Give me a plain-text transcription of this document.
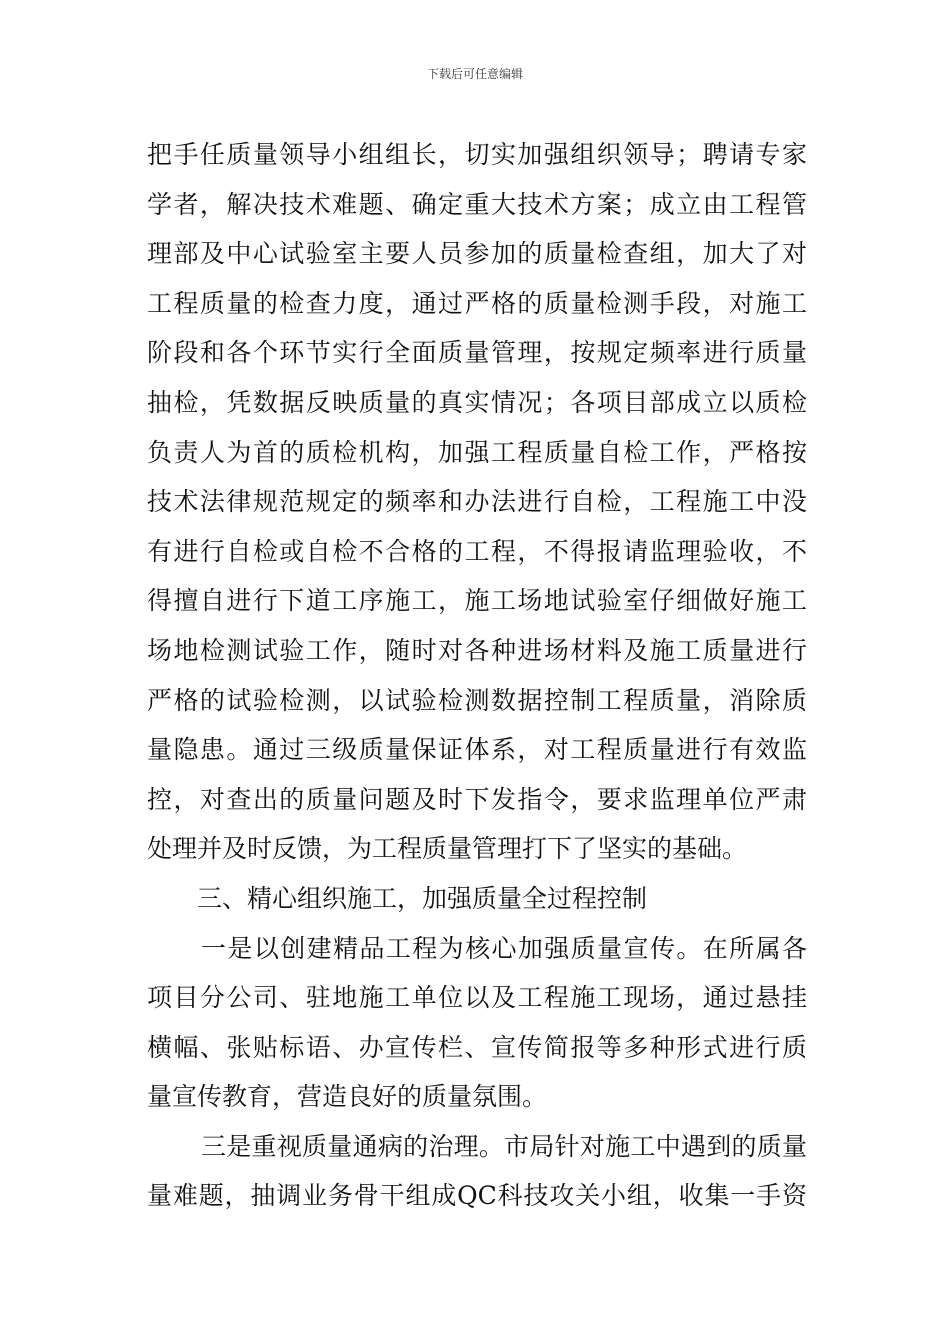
下载后可任意编辑
把手任质量领导小组组长，切实加强组织领导；聘请专家
学者，解决技术难题、确定重大技术方案；成立由工程管
理部及中心试验室主要人员参加的质量检查组，加大了对
工程质量的检查力度，通过严格的质量检测手段，对施工
阶段和各个环节实行全面质量管理，按规定频率进行质量
抽检，凭数据反映质量的真实情况；各项目部成立以质检
负责人为首的质检机构，加强工程质量自检工作，严格按
技术法律规范规定的频率和办法进行自检，工程施工中没
有进行自检或自检不合格的工程，不得报请监理验收，不
得擅自进行下道工序施工，施工场地试验室仔细做好施工
场地检测试验工作，随时对各种进场材料及施工质量进行
严格的试验检测，以试验检测数据控制工程质量，消除质
量隐患。通过三级质量保证体系，对工程质量进行有效监
控，对查出的质量问题及时下发指令，要求监理单位严肃
处理并及时反馈，为工程质量管理打下了坚实的基础。
三、精心组织施工，加强质量全过程控制
一是以创建精品工程为核心加强质量宣传。在所属各
项目分公司、驻地施工单位以及工程施工现场，通过悬挂
横幅、张贴标语、办宣传栏、宣传简报等多种形式进行质
量宣传教育，营造良好的质量氛围。
三是重视质量通病的治理。市局针对施工中遇到的质量
量难题，抽调业务骨干组成QC科技攻关小组，收集一手资
